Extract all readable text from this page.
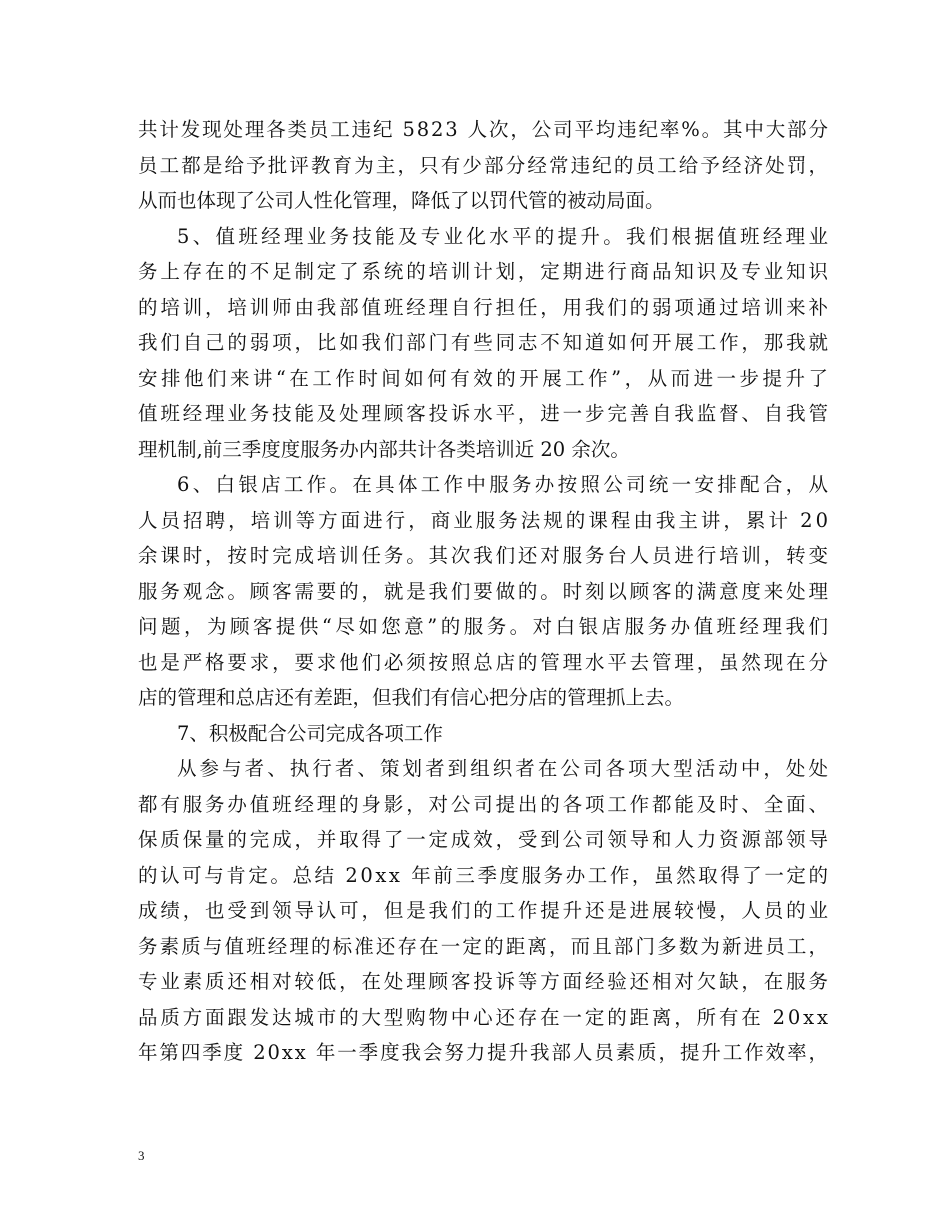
共计发现处理各类员工违纪 5823 人次，公司平均违纪率%。其中大部分
员工都是给予批评教育为主，只有少部分经常违纪的员工给予经济处罚，
从而也体现了公司人性化管理，降低了以罚代管的被动局面。
5、值班经理业务技能及专业化水平的提升。我们根据值班经理业
务上存在的不足制定了系统的培训计划，定期进行商品知识及专业知识
的培训，培训师由我部值班经理自行担任，用我们的弱项通过培训来补
我们自己的弱项，比如我们部门有些同志不知道如何开展工作，那我就
安排他们来讲“在工作时间如何有效的开展工作”，从而进一步提升了
值班经理业务技能及处理顾客投诉水平，进一步完善自我监督、自我管
理机制,前三季度度服务办内部共计各类培训近 20 余次。
6、白银店工作。在具体工作中服务办按照公司统一安排配合，从
人员招聘，培训等方面进行，商业服务法规的课程由我主讲，累计 20
余课时，按时完成培训任务。其次我们还对服务台人员进行培训，转变
服务观念。顾客需要的，就是我们要做的。时刻以顾客的满意度来处理
问题，为顾客提供“尽如您意”的服务。对白银店服务办值班经理我们
也是严格要求，要求他们必须按照总店的管理水平去管理，虽然现在分
店的管理和总店还有差距，但我们有信心把分店的管理抓上去。
7、积极配合公司完成各项工作
从参与者、执行者、策划者到组织者在公司各项大型活动中，处处
都有服务办值班经理的身影，对公司提出的各项工作都能及时、全面、
保质保量的完成，并取得了一定成效，受到公司领导和人力资源部领导
的认可与肯定。总结 20xx 年前三季度服务办工作，虽然取得了一定的
成绩，也受到领导认可，但是我们的工作提升还是进展较慢，人员的业
务素质与值班经理的标准还存在一定的距离，而且部门多数为新进员工，
专业素质还相对较低，在处理顾客投诉等方面经验还相对欠缺，在服务
品质方面跟发达城市的大型购物中心还存在一定的距离，所有在 20xx
年第四季度 20xx 年一季度我会努力提升我部人员素质，提升工作效率，
3
